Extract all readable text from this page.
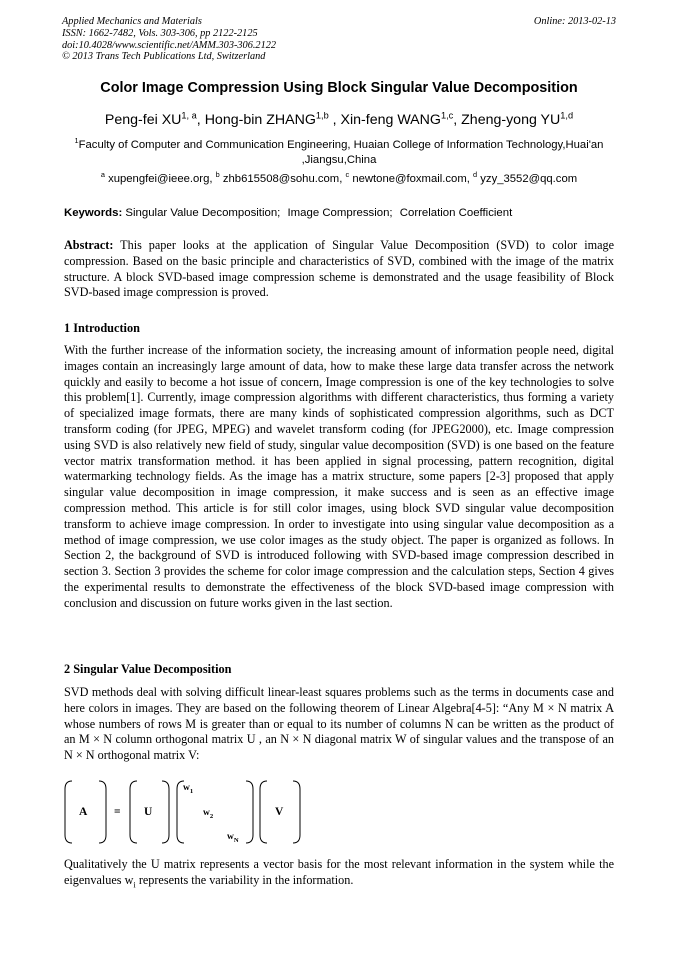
Applied Mechanics and Materials
ISSN: 1662-7482, Vols. 303-306, pp 2122-2125
doi:10.4028/www.scientific.net/AMM.303-306.2122
© 2013 Trans Tech Publications Ltd, Switzerland
Online: 2013-02-13
Color Image Compression Using Block Singular Value Decomposition
Peng-fei XU$^{1, a}$, Hong-bin ZHANG$^{1,b}$ , Xin-feng WANG$^{1,c}$, Zheng-yong YU$^{1,d}$
$^1$Faculty of Computer and Communication Engineering, Huaian College of Information Technology,Huai'an ,Jiangsu,China
$^a$ xupengfei@ieee.org, $^b$ zhb615508@sohu.com, $^c$ newtone@foxmail.com, $^d$ yzy_3552@qq.com
Keywords: Singular Value Decomposition; Image Compression; Correlation Coefficient
Abstract: This paper looks at the application of Singular Value Decomposition (SVD) to color image compression. Based on the basic principle and characteristics of SVD, combined with the image of the matrix structure. A block SVD-based image compression scheme is demonstrated and the usage feasibility of Block SVD-based image compression is proved.
1 Introduction
With the further increase of the information society, the increasing amount of information people need, digital images contain an increasingly large amount of data, how to make these large data transfer across the network quickly and easily to become a hot issue of concern, Image compression is one of the key technologies to solve this problem[1]. Currently, image compression algorithms with different characteristics, thus forming a variety of specialized image formats, there are many kinds of sophisticated compression algorithms, such as DCT transform coding (for JPEG, MPEG) and wavelet transform coding (for JPEG2000), etc. Image compression using SVD is also relatively new field of study, singular value decomposition (SVD) is one based on the feature vector matrix transformation method. it has been applied in signal processing, pattern recognition, digital watermarking technology fields. As the image has a matrix structure, some papers [2-3] proposed that apply singular value decomposition in image compression, it make success and is seen as an effective image compression method. This article is for still color images, using block SVD singular value decomposition transform to achieve image compression. In order to investigate into using singular value decomposition as a method of image compression, we use color images as the study object. The paper is organized as follows. In Section 2, the background of SVD is introduced following with SVD-based image compression described in section 3. Section 3 provides the scheme for color image compression and the calculation steps, Section 4 gives the experimental results to demonstrate the effectiveness of the block SVD-based image compression with conclusion and discussion on future works given in the last section.
2 Singular Value Decomposition
SVD methods deal with solving difficult linear-least squares problems such as the terms in documents case and here colors in images. They are based on the following theorem of Linear Algebra[4-5]: “Any M × N matrix A whose numbers of rows M is greater than or equal to its number of columns N can be written as the product of an M × N column orthogonal matrix U , an N × N diagonal matrix W of singular values and the transpose of an N × N orthogonal matrix V:
A = U
$w_1$
$w_2$
$w_N$
V
Qualitatively the U matrix represents a vector basis for the most relevant information in the system while the eigenvalues $w_i$ represents the variability in the information.
